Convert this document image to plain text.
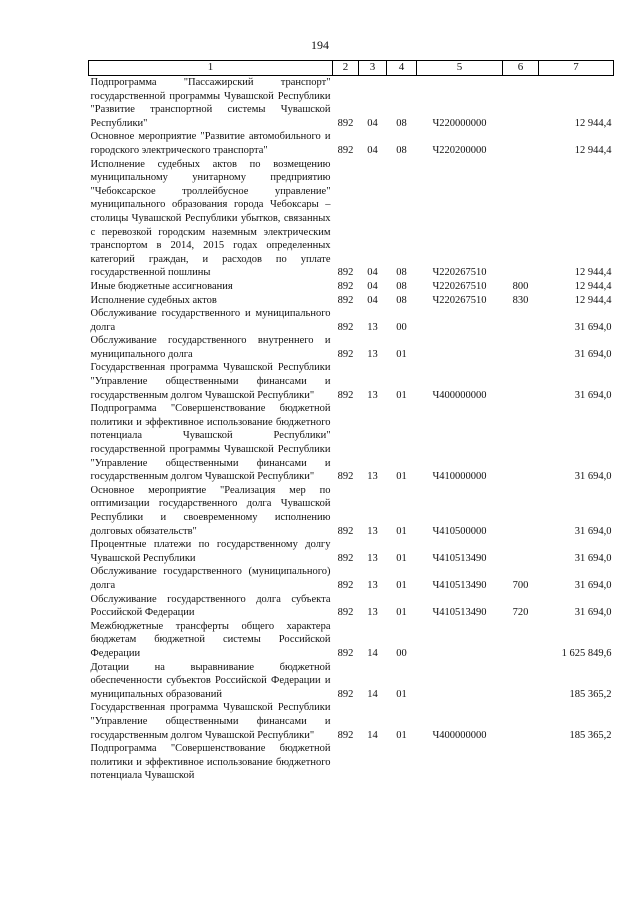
194
1	2	3	4	5	6	7
Подпрограмма "Пассажирский транспорт" государственной программы Чувашской Республики "Развитие транспортной системы Чувашской Республики"	892	04	08	Ч220000000		12 944,4
Основное мероприятие "Развитие автомобильного и городского электрического транспорта"	892	04	08	Ч220200000		12 944,4
Исполнение судебных актов по возмещению муниципальному унитарному предприятию "Чебоксарское троллейбусное управление" муниципального образования города Чебоксары – столицы Чувашской Республики убытков, связанных с перевозкой городским наземным электрическим транспортом в 2014, 2015 годах определенных категорий граждан, и расходов по уплате государственной пошлины	892	04	08	Ч220267510		12 944,4
Иные бюджетные ассигнования	892	04	08	Ч220267510	800	12 944,4
Исполнение судебных актов	892	04	08	Ч220267510	830	12 944,4
Обслуживание государственного и муниципального долга	892	13	00			31 694,0
Обслуживание государственного внутреннего и муниципального долга	892	13	01			31 694,0
Государственная программа Чувашской Республики "Управление общественными финансами и государственным долгом Чувашской Республики"	892	13	01	Ч400000000		31 694,0
Подпрограмма "Совершенствование бюджетной политики и эффективное использование бюджетного потенциала Чувашской Республики" государственной программы Чувашской Республики "Управление общественными финансами и государственным долгом Чувашской Республики"	892	13	01	Ч410000000		31 694,0
Основное мероприятие "Реализация мер по оптимизации государственного долга Чувашской Республики и своевременному исполнению долговых обязательств"	892	13	01	Ч410500000		31 694,0
Процентные платежи по государственному долгу Чувашской Республики	892	13	01	Ч410513490		31 694,0
Обслуживание государственного (муниципального) долга	892	13	01	Ч410513490	700	31 694,0
Обслуживание государственного долга субъекта Российской Федерации	892	13	01	Ч410513490	720	31 694,0
Межбюджетные трансферты общего характера бюджетам бюджетной системы Российской Федерации	892	14	00			1 625 849,6
Дотации на выравнивание бюджетной обеспеченности субъектов Российской Федерации и муниципальных образований	892	14	01			185 365,2
Государственная программа Чувашской Республики "Управление общественными финансами и государственным долгом Чувашской Республики"	892	14	01	Ч400000000		185 365,2
Подпрограмма "Совершенствование бюджетной политики и эффективное использование бюджетного потенциала Чувашской						
